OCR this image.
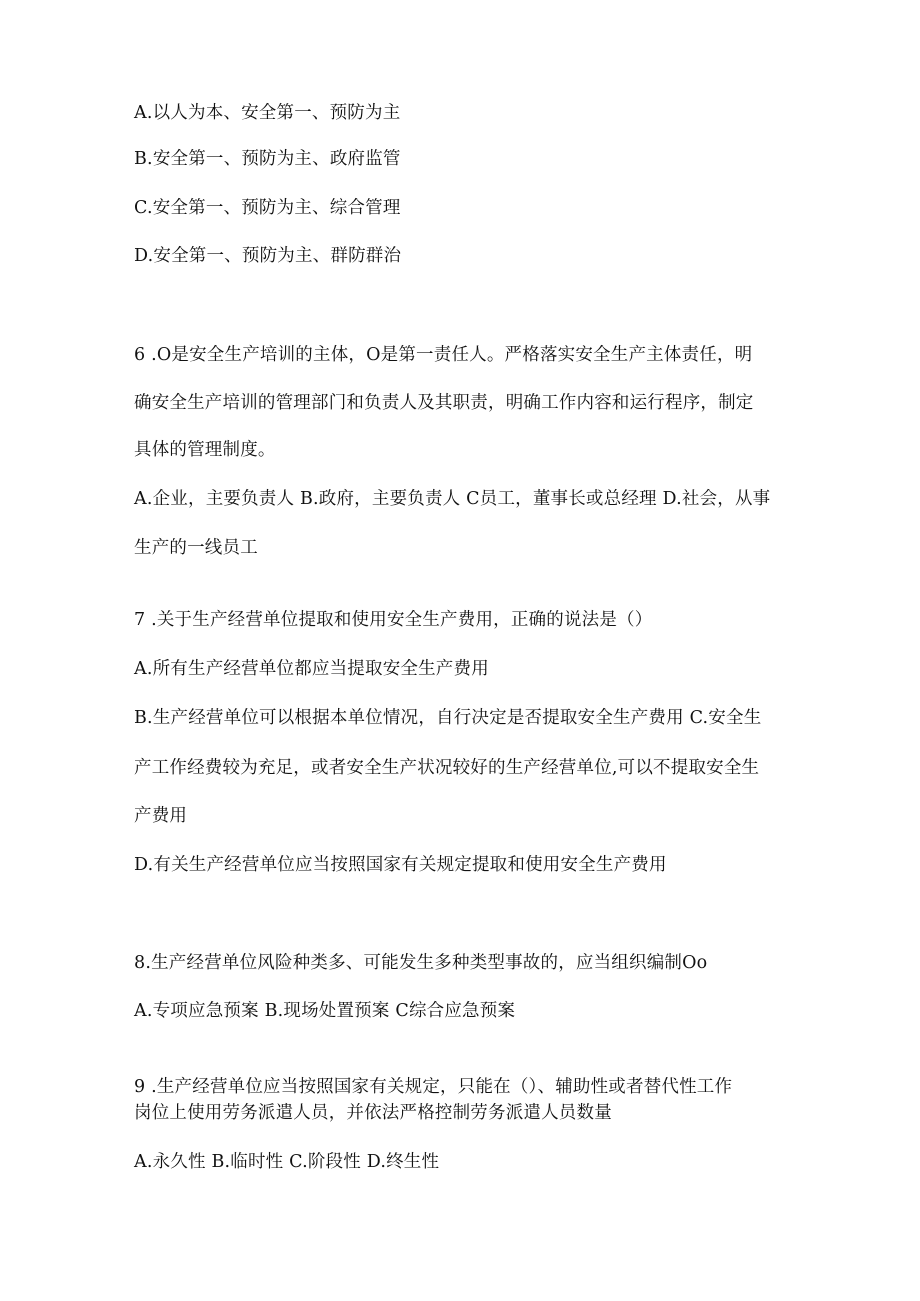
A.以人为本、安全第一、预防为主
B.安全第一、预防为主、政府监管
C.安全第一、预防为主、综合管理
D.安全第一、预防为主、群防群治
6 .O是安全生产培训的主体，O是第一责任人。严格落实安全生产主体责任，明
确安全生产培训的管理部门和负责人及其职责，明确工作内容和运行程序，制定
具体的管理制度。
A.企业，主要负责人 B.政府，主要负责人 C员工，董事长或总经理 D.社会，从事
生产的一线员工
7 .关于生产经营单位提取和使用安全生产费用，正确的说法是（）
A.所有生产经营单位都应当提取安全生产费用
B.生产经营单位可以根据本单位情况，自行决定是否提取安全生产费用 C.安全生
产工作经费较为充足，或者安全生产状况较好的生产经营单位,可以不提取安全生
产费用
D.有关生产经营单位应当按照国家有关规定提取和使用安全生产费用
8.生产经营单位风险种类多、可能发生多种类型事故的，应当组织编制Oo
A.专项应急预案 B.现场处置预案 C综合应急预案
9 .生产经营单位应当按照国家有关规定，只能在（）、辅助性或者替代性工作
岗位上使用劳务派遣人员，并依法严格控制劳务派遣人员数量
A.永久性 B.临时性 C.阶段性 D.终生性
